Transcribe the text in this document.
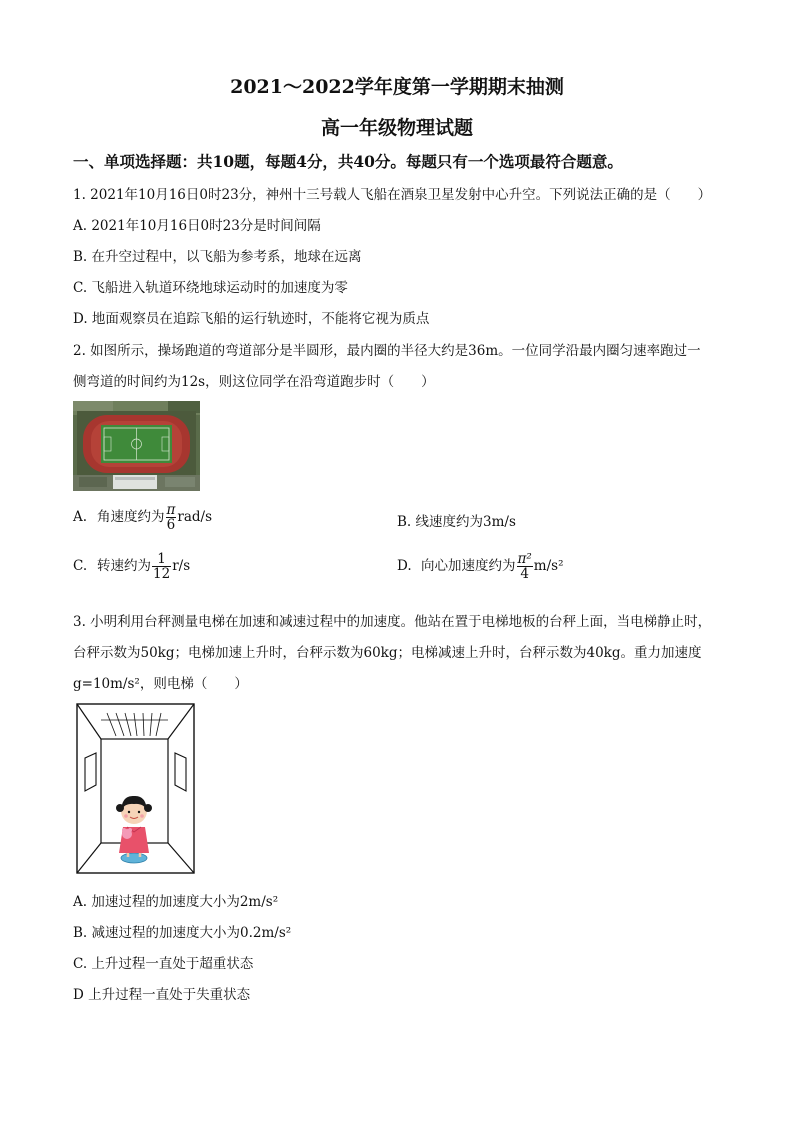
2021～2022学年度第一学期期末抽测
高一年级物理试题
一、单项选择题：共10题，每题4分，共40分。每题只有一个选项最符合题意。
1. 2021年10月16日0时23分，神州十三号载人飞船在酒泉卫星发射中心升空。下列说法正确的是（　　）
A. 2021年10月16日0时23分是时间间隔
B. 在升空过程中，以飞船为参考系，地球在远离
C. 飞船进入轨道环绕地球运动时的加速度为零
D. 地面观察员在追踪飞船的运行轨迹时，不能将它视为质点
2. 如图所示，操场跑道的弯道部分是半圆形，最内圈的半径大约是36m。一位同学沿最内圈匀速率跑过一
侧弯道的时间约为12s，则这位同学在沿弯道跑步时（　　）
A. 角速度约为 $\frac{\pi}{6} rad/s$	B. 线速度约为3m/s
C. 转速约为 $\frac{1}{12} r/s$	D. 向心加速度约为 $\frac{\text{π²}}{4} m/s^2$
3. 小明利用台秤测量电梯在加速和减速过程中的加速度。他站在置于电梯地板的台秤上面，当电梯静止时，
台秤示数为50kg；电梯加速上升时，台秤示数为60kg；电梯减速上升时，台秤示数为40kg。重力加速度
g=10m/s²，则电梯（　　）
A. 加速过程的加速度大小为2m/s²
B. 减速过程的加速度大小为0.2m/s²
C. 上升过程一直处于超重状态
D 上升过程一直处于失重状态
